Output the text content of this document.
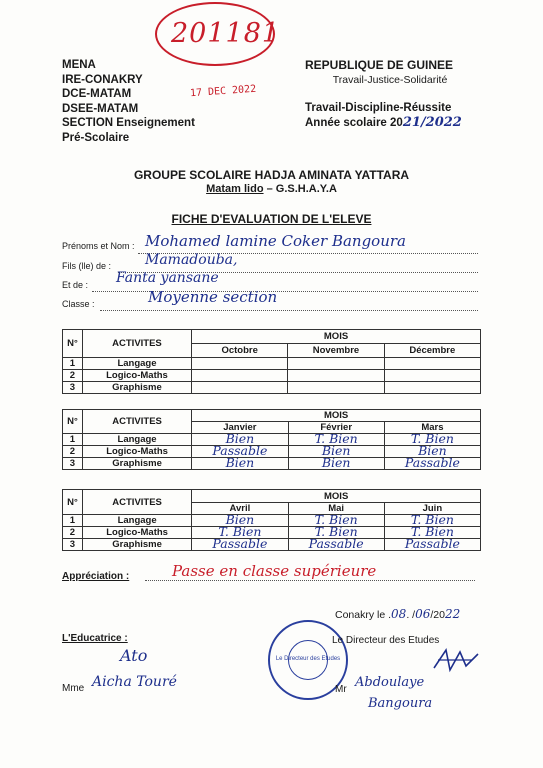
201181
17 DEC 2022
MENA
IRE-CONAKRY
DCE-MATAM
DSEE-MATAM
SECTION Enseignement
Pré-Scolaire
REPUBLIQUE DE GUINEE
Travail-Justice-Solidarité
Travail-Discipline-Réussite
Année scolaire 2021/2022
GROUPE SCOLAIRE HADJA AMINATA YATTARA
Matam lido – G.S.H.A.Y.A
FICHE D'EVALUATION DE L'ELEVE
Prénoms et Nom : Mohamed lamine Coker Bangoura
Fils (lle) de : Mamadouba,
Et de : Fanta yansane
Classe :	Moyenne section
N°	ACTIVITES	MOIS		
		Octobre	Novembre	Décembre
1	Langage	

2	Logico-Maths	

3	Graphisme	

N°	ACTIVITES	MOIS		
		Janvier	Février	Mars
1	Langage	Bien	T. Bien	T. Bien

2	Logico-Maths	Passable	Bien	Bien

3	Graphisme	Bien	Bien	Passable
N°	ACTIVITES	MOIS		
		Avril	Mai	Juin
1	Langage	Bien	T. Bien	T. Bien

2	Logico-Maths	T. Bien	T. Bien	T. Bien

3	Graphisme	Passable	Passable	Passable
Appréciation :	Passe en classe supérieure
Conakry le .08. /06/2022
L'Educatrice :
Ato
Mme Aicha Touré
Le Directeur des Etudes
Le Directeur des Etudes
Mr Abdoulaye
Bangoura
